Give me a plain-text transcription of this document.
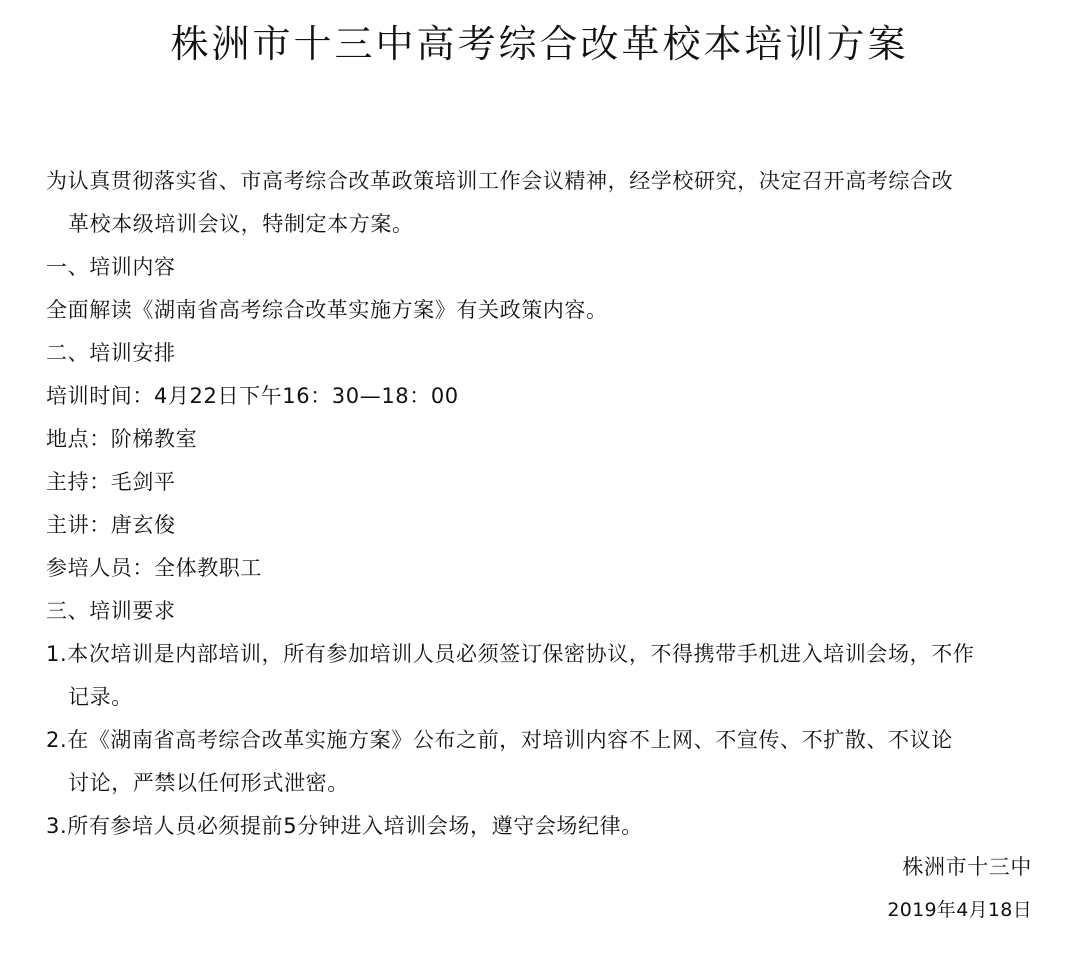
株洲市十三中高考综合改革校本培训方案
为认真贯彻落实省、市高考综合改革政策培训工作会议精神，经学校研究，决定召开高考综合改
革校本级培训会议，特制定本方案。
一、培训内容
全面解读《湖南省高考综合改革实施方案》有关政策内容。
二、培训安排
培训时间：4月22日下午16：30—18：00
地点：阶梯教室
主持：毛剑平
主讲：唐玄俊
参培人员：全体教职工
三、培训要求
1.本次培训是内部培训，所有参加培训人员必须签订保密协议，不得携带手机进入培训会场，不作
记录。
2.在《湖南省高考综合改革实施方案》公布之前，对培训内容不上网、不宣传、不扩散、不议论
讨论，严禁以任何形式泄密。
3.所有参培人员必须提前5分钟进入培训会场，遵守会场纪律。
株洲市十三中
2019年4月18日
